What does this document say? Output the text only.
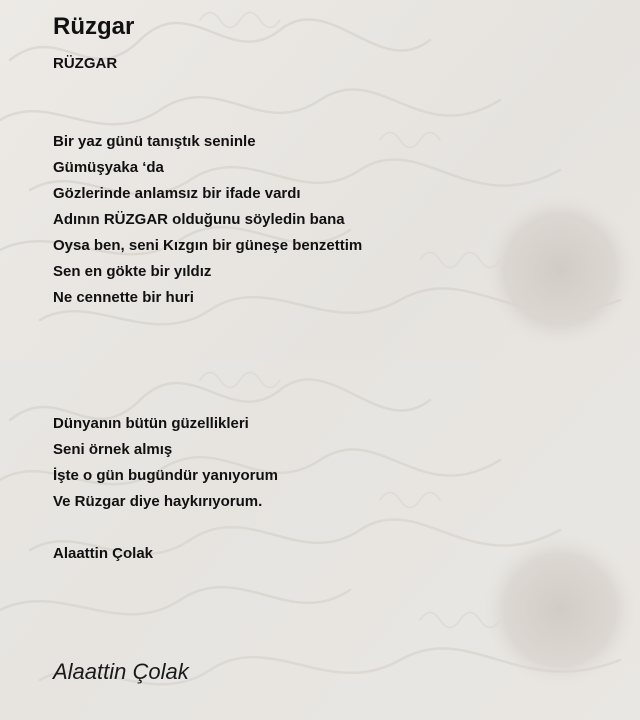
Rüzgar
RÜZGAR
Bir yaz günü tanıştık seninle
Gümüşyaka ‘da
Gözlerinde anlamsız bir ifade vardı
Adının RÜZGAR olduğunu söyledin bana
Oysa ben, seni Kızgın bir güneşe benzettim
Sen en gökte bir yıldız
Ne cennette bir huri
Dünyanın bütün güzellikleri
Seni örnek almış
İşte o gün bugündür yanıyorum
Ve Rüzgar diye haykırıyorum.
Alaattin Çolak
Alaattin Çolak
